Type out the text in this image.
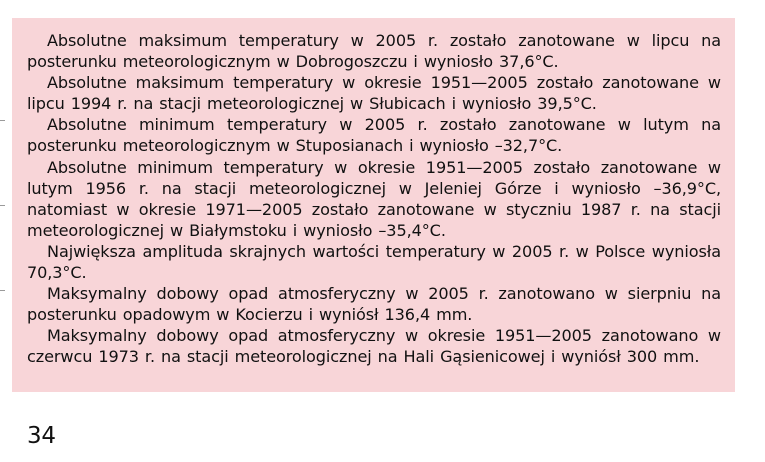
Absolutne maksimum temperatury w 2005 r. zostało zanotowane w lipcu na posterunku meteorologicznym w Dobrogoszczu i wyniosło 37,6°C.

Absolutne maksimum temperatury w okresie 1951—2005 zostało zanotowane w lipcu 1994 r. na stacji meteorologicznej w Słubicach i wyniosło 39,5°C.

Absolutne minimum temperatury w 2005 r. zostało zanotowane w lutym na posterunku meteorologicznym w Stuposianach i wyniosło –32,7°C.

Absolutne minimum temperatury w okresie 1951—2005 zostało zanotowane w lutym 1956 r. na stacji meteorologicznej w Jeleniej Górze i wyniosło –36,9°C, natomiast w okresie 1971—2005 zostało zanotowane w styczniu 1987 r. na stacji meteorologicznej w Białymstoku i wyniosło –35,4°C.

Największa amplituda skrajnych wartości temperatury w 2005 r. w Polsce wyniosła 70,3°C.

Maksymalny dobowy opad atmosferyczny w 2005 r. zanotowano w sierpniu na posterunku opadowym w Kocierzu i wyniósł 136,4 mm.

Maksymalny dobowy opad atmosferyczny w okresie 1951—2005 zanotowano w czerwcu 1973 r. na stacji meteorologicznej na Hali Gąsienicowej i wyniósł 300 mm.

34
